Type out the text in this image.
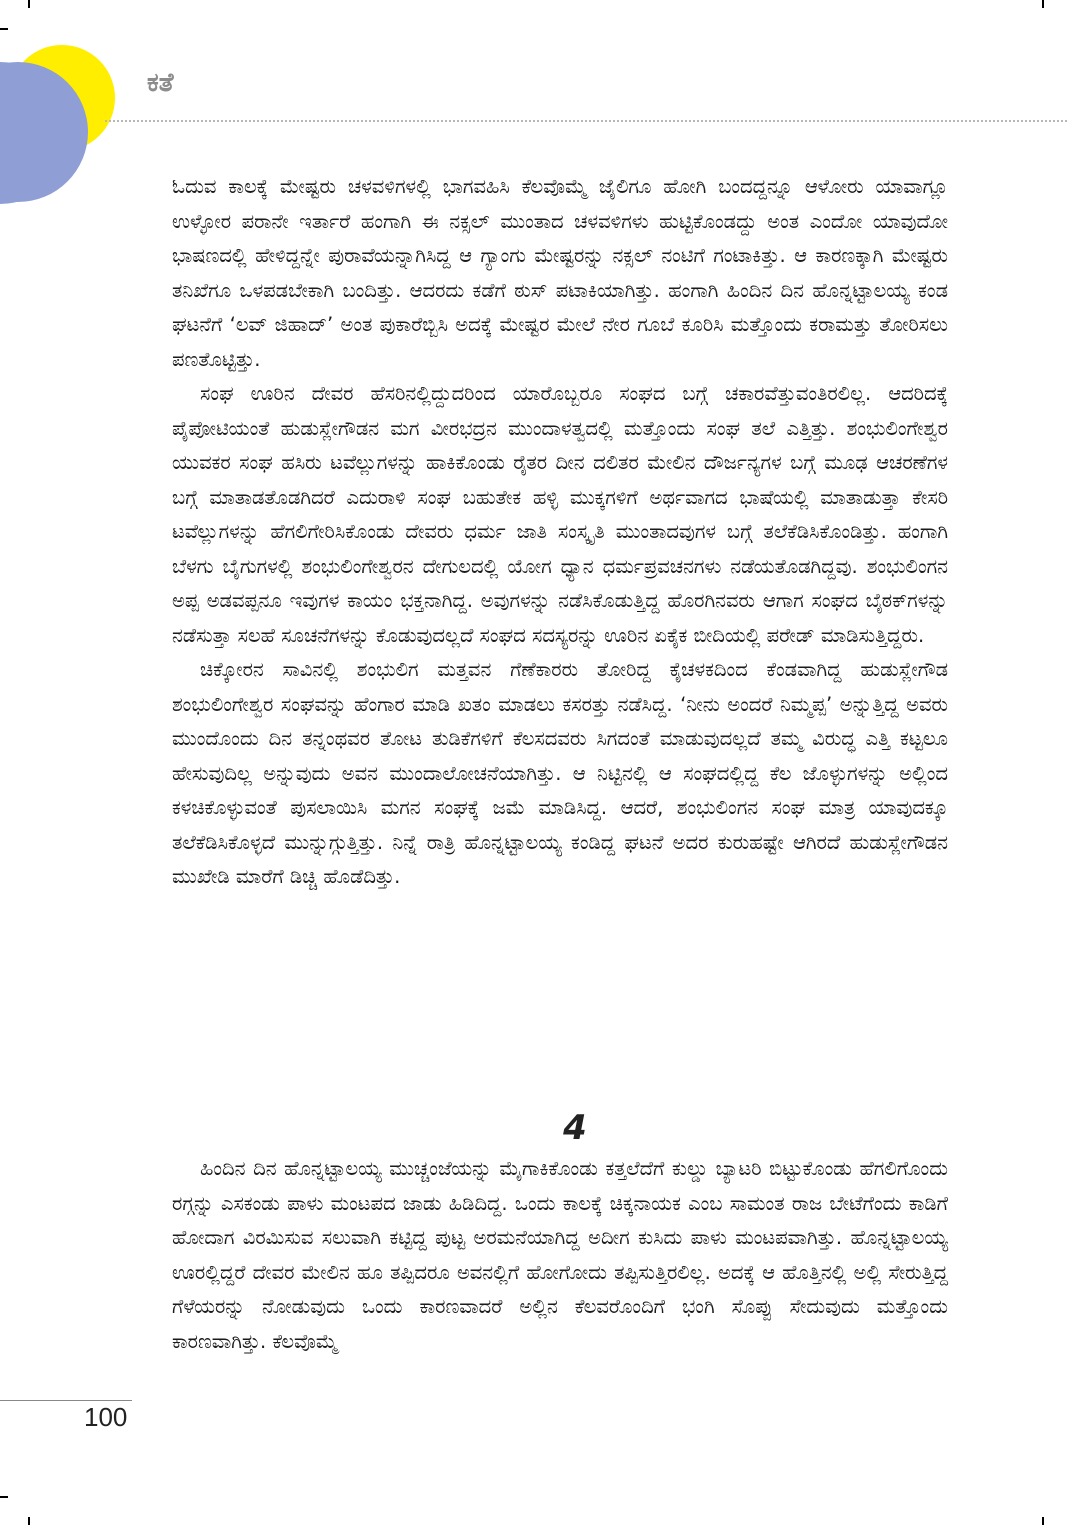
ಕತೆ

ಓದುವ ಕಾಲಕ್ಕೆ ಮೇಷ್ಟರು ಚಳವಳಿಗಳಲ್ಲಿ ಭಾಗವಹಿಸಿ ಕೆಲವೊಮ್ಮೆ ಜೈಲಿಗೂ ಹೋಗಿ ಬಂದದ್ದನ್ನೂ ಆಳೋರು ಯಾವಾಗ್ಲೂ ಉಳ್ಳೋರ ಪರಾನೇ ಇರ್ತಾರೆ ಹಂಗಾಗಿ ಈ ನಕ್ಸಲ್ ಮುಂತಾದ ಚಳವಳಿಗಳು ಹುಟ್ಟಿಕೊಂಡದ್ದು ಅಂತ ಎಂದೋ ಯಾವುದೋ ಭಾಷಣದಲ್ಲಿ ಹೇಳಿದ್ದನ್ನೇ ಪುರಾವೆಯನ್ನಾಗಿಸಿದ್ದ ಆ ಗ್ಯಾಂಗು ಮೇಷ್ಟರನ್ನು ನಕ್ಸಲ್ ನಂಟಿಗೆ ಗಂಟಾಕಿತ್ತು. ಆ ಕಾರಣಕ್ಕಾಗಿ ಮೇಷ್ಟರು ತನಿಖೆಗೂ ಒಳಪಡಬೇಕಾಗಿ ಬಂದಿತ್ತು. ಆದರದು ಕಡೆಗೆ ಠುಸ್ ಪಟಾಕಿಯಾಗಿತ್ತು. ಹಂಗಾಗಿ ಹಿಂದಿನ ದಿನ ಹೊನ್ನಟ್ಟಾಲಯ್ಯ ಕಂಡ ಘಟನೆಗೆ ‘ಲವ್ ಜಿಹಾದ್’ ಅಂತ ಪುಕಾರೆಬ್ಬಿಸಿ ಅದಕ್ಕೆ ಮೇಷ್ಟರ ಮೇಲೆ ನೇರ ಗೂಬೆ ಕೂರಿಸಿ ಮತ್ತೊಂದು ಕರಾಮತ್ತು ತೋರಿಸಲು ಪಣತೊಟ್ಟಿತ್ತು.

ಸಂಘ ಊರಿನ ದೇವರ ಹೆಸರಿನಲ್ಲಿದ್ದುದರಿಂದ ಯಾರೊಬ್ಬರೂ ಸಂಘದ ಬಗ್ಗೆ ಚಕಾರವೆತ್ತುವಂತಿರಲಿಲ್ಲ. ಆದರಿದಕ್ಕೆ ಪೈಪೋಟಿಯಂತೆ ಹುಡುಸ್ಲೇಗೌಡನ ಮಗ ವೀರಭದ್ರನ ಮುಂದಾಳತ್ವದಲ್ಲಿ ಮತ್ತೊಂದು ಸಂಘ ತಲೆ ಎತ್ತಿತ್ತು. ಶಂಭುಲಿಂಗೇಶ್ವರ ಯುವಕರ ಸಂಘ ಹಸಿರು ಟವೆಲ್ಲುಗಳನ್ನು ಹಾಕಿಕೊಂಡು ರೈತರ ದೀನ ದಲಿತರ ಮೇಲಿನ ದೌರ್ಜನ್ಯಗಳ ಬಗ್ಗೆ ಮೂಢ ಆಚರಣೆಗಳ ಬಗ್ಗೆ ಮಾತಾಡತೊಡಗಿದರೆ ಎದುರಾಳಿ ಸಂಘ ಬಹುತೇಕ ಹಳ್ಳಿ ಮುಕ್ಕಗಳಿಗೆ ಅರ್ಥವಾಗದ ಭಾಷೆಯಲ್ಲಿ ಮಾತಾಡುತ್ತಾ ಕೇಸರಿ ಟವೆಲ್ಲುಗಳನ್ನು ಹೆಗಲಿಗೇರಿಸಿಕೊಂಡು ದೇವರು ಧರ್ಮ ಜಾತಿ ಸಂಸ್ಕೃತಿ ಮುಂತಾದವುಗಳ ಬಗ್ಗೆ ತಲೆಕೆಡಿಸಿಕೊಂಡಿತ್ತು. ಹಂಗಾಗಿ ಬೆಳಗು ಬೈಗುಗಳಲ್ಲಿ ಶಂಭುಲಿಂಗೇಶ್ವರನ ದೇಗುಲದಲ್ಲಿ ಯೋಗ ಧ್ಯಾನ ಧರ್ಮಪ್ರವಚನಗಳು ನಡೆಯತೊಡಗಿದ್ದವು. ಶಂಭುಲಿಂಗನ ಅಪ್ಪ ಅಡವಪ್ಪನೂ ಇವುಗಳ ಕಾಯಂ ಭಕ್ತನಾಗಿದ್ದ. ಅವುಗಳನ್ನು ನಡೆಸಿಕೊಡುತ್ತಿದ್ದ ಹೊರಗಿನವರು ಆಗಾಗ ಸಂಘದ ಬೈಠಕ್‌ಗಳನ್ನು ನಡೆಸುತ್ತಾ ಸಲಹೆ ಸೂಚನೆಗಳನ್ನು ಕೊಡುವುದಲ್ಲದೆ ಸಂಘದ ಸದಸ್ಯರನ್ನು ಊರಿನ ಏಕೈಕ ಬೀದಿಯಲ್ಲಿ ಪರೇಡ್ ಮಾಡಿಸುತ್ತಿದ್ದರು.

ಚಿಕ್ಕೋರನ ಸಾವಿನಲ್ಲಿ ಶಂಭುಲಿಗ ಮತ್ತವನ ಗೆಣೆಕಾರರು ತೋರಿದ್ದ ಕೈಚಳಕದಿಂದ ಕೆಂಡವಾಗಿದ್ದ ಹುಡುಸ್ಲೇಗೌಡ ಶಂಭುಲಿಂಗೇಶ್ವರ ಸಂಘವನ್ನು ಹೆಂಗಾರ ಮಾಡಿ ಖತಂ ಮಾಡಲು ಕಸರತ್ತು ನಡೆಸಿದ್ದ. ‘ನೀನು ಅಂದರೆ ನಿಮ್ಮಪ್ಪ’ ಅನ್ನುತ್ತಿದ್ದ ಅವರು ಮುಂದೊಂದು ದಿನ ತನ್ನಂಥವರ ತೋಟ ತುಡಿಕೆಗಳಿಗೆ ಕೆಲಸದವರು ಸಿಗದಂತೆ ಮಾಡುವುದಲ್ಲದೆ ತಮ್ಮ ವಿರುದ್ಧ ಎತ್ತಿ ಕಟ್ಟಲೂ ಹೇಸುವುದಿಲ್ಲ ಅನ್ನುವುದು ಅವನ ಮುಂದಾಲೋಚನೆಯಾಗಿತ್ತು. ಆ ನಿಟ್ಟಿನಲ್ಲಿ ಆ ಸಂಘದಲ್ಲಿದ್ದ ಕೆಲ ಜೊಳ್ಳುಗಳನ್ನು ಅಲ್ಲಿಂದ ಕಳಚಿಕೊಳ್ಳುವಂತೆ ಪುಸಲಾಯಿಸಿ ಮಗನ ಸಂಘಕ್ಕೆ ಜಮೆ ಮಾಡಿಸಿದ್ದ. ಆದರೆ, ಶಂಭುಲಿಂಗನ ಸಂಘ ಮಾತ್ರ ಯಾವುದಕ್ಕೂ ತಲೆಕೆಡಿಸಿಕೊಳ್ಳದೆ ಮುನ್ನುಗ್ಗುತ್ತಿತ್ತು. ನಿನ್ನೆ ರಾತ್ರಿ ಹೊನ್ನಟ್ಟಾಲಯ್ಯ ಕಂಡಿದ್ದ ಘಟನೆ ಅದರ ಕುರುಹಷ್ಟೇ ಆಗಿರದೆ ಹುಡುಸ್ಲೇಗೌಡನ ಮುಖೇಡಿ ಮಾರೆಗೆ ಡಿಚ್ಚಿ ಹೊಡೆದಿತ್ತು.

4

ಹಿಂದಿನ ದಿನ ಹೊನ್ನಟ್ಟಾಲಯ್ಯ ಮುಚ್ಚಂಜೆಯನ್ನು ಮೈಗಾಕಿಕೊಂಡು ಕತ್ತಲೆದೆಗೆ ಕುಲ್ಡು ಬ್ಯಾಟರಿ ಬಿಟ್ಟುಕೊಂಡು ಹೆಗಲಿಗೊಂದು ರಗ್ಗನ್ನು ಎಸಕಂಡು ಪಾಳು ಮಂಟಪದ ಜಾಡು ಹಿಡಿದಿದ್ದ. ಒಂದು ಕಾಲಕ್ಕೆ ಚಿಕ್ಕನಾಯಕ ಎಂಬ ಸಾಮಂತ ರಾಜ ಬೇಟೆಗೆಂದು ಕಾಡಿಗೆ ಹೋದಾಗ ವಿರಮಿಸುವ ಸಲುವಾಗಿ ಕಟ್ಟಿದ್ದ ಪುಟ್ಟ ಅರಮನೆಯಾಗಿದ್ದ ಅದೀಗ ಕುಸಿದು ಪಾಳು ಮಂಟಪವಾಗಿತ್ತು. ಹೊನ್ನಟ್ಟಾಲಯ್ಯ ಊರಲ್ಲಿದ್ದರೆ ದೇವರ ಮೇಲಿನ ಹೂ ತಪ್ಪಿದರೂ ಅವನಲ್ಲಿಗೆ ಹೋಗೋದು ತಪ್ಪಿಸುತ್ತಿರಲಿಲ್ಲ. ಅದಕ್ಕೆ ಆ ಹೊತ್ತಿನಲ್ಲಿ ಅಲ್ಲಿ ಸೇರುತ್ತಿದ್ದ ಗೆಳೆಯರನ್ನು ನೋಡುವುದು ಒಂದು ಕಾರಣವಾದರೆ ಅಲ್ಲಿನ ಕೆಲವರೊಂದಿಗೆ ಭಂಗಿ ಸೊಪ್ಪು ಸೇದುವುದು ಮತ್ತೊಂದು ಕಾರಣವಾಗಿತ್ತು. ಕೆಲವೊಮ್ಮೆ

100
